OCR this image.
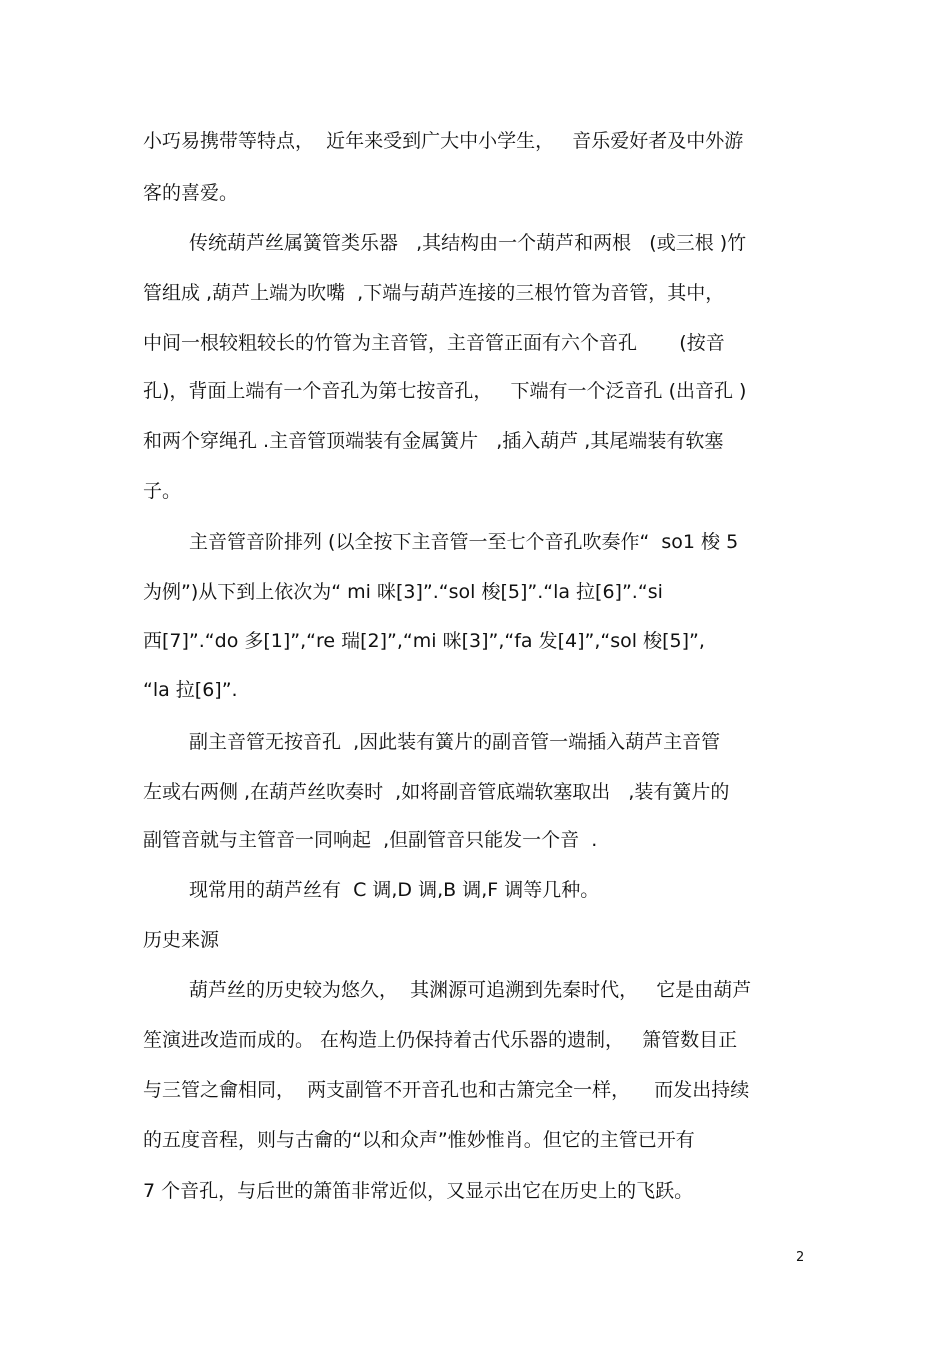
小巧易携带等特点，  近年来受到广大中小学生，   音乐爱好者及中外游
客的喜爱。
传统葫芦丝属簧管类乐器   ,其结构由一个葫芦和两根   (或三根 )竹
管组成 ,葫芦上端为吹嘴  ,下端与葫芦连接的三根竹管为音管，其中，
中间一根较粗较长的竹管为主音管，主音管正面有六个音孔       (按音
孔)，背面上端有一个音孔为第七按音孔，   下端有一个泛音孔 (出音孔 )
和两个穿绳孔 .主音管顶端装有金属簧片   ,插入葫芦 ,其尾端装有软塞
子。
主音管音阶排列 (以全按下主音管一至七个音孔吹奏作“  so1 梭 5
为例”)从下到上依次为“ mi 咪[3]”.“sol 梭[5]”.“la 拉[6]”.“si
西[7]”.“do 多[1]”,“re 瑞[2]”,“mi 咪[3]”,“fa 发[4]”,“sol 梭[5]”,
“la 拉[6]”.
副主音管无按音孔  ,因此装有簧片的副音管一端插入葫芦主音管
左或右两侧 ,在葫芦丝吹奏时  ,如将副音管底端软塞取出   ,装有簧片的
副管音就与主管音一同响起  ,但副管音只能发一个音  .
现常用的葫芦丝有  C 调,D 调,B 调,F 调等几种。
历史来源
葫芦丝的历史较为悠久，  其渊源可追溯到先秦时代，   它是由葫芦
笙演进改造而成的。 在构造上仍保持着古代乐器的遗制，   箫管数目正
与三管之龠相同，  两支副管不开音孔也和古箫完全一样，    而发出持续
的五度音程，则与古龠的“以和众声”惟妙惟肖。但它的主管已开有
7 个音孔，与后世的箫笛非常近似，又显示出它在历史上的飞跃。
2
